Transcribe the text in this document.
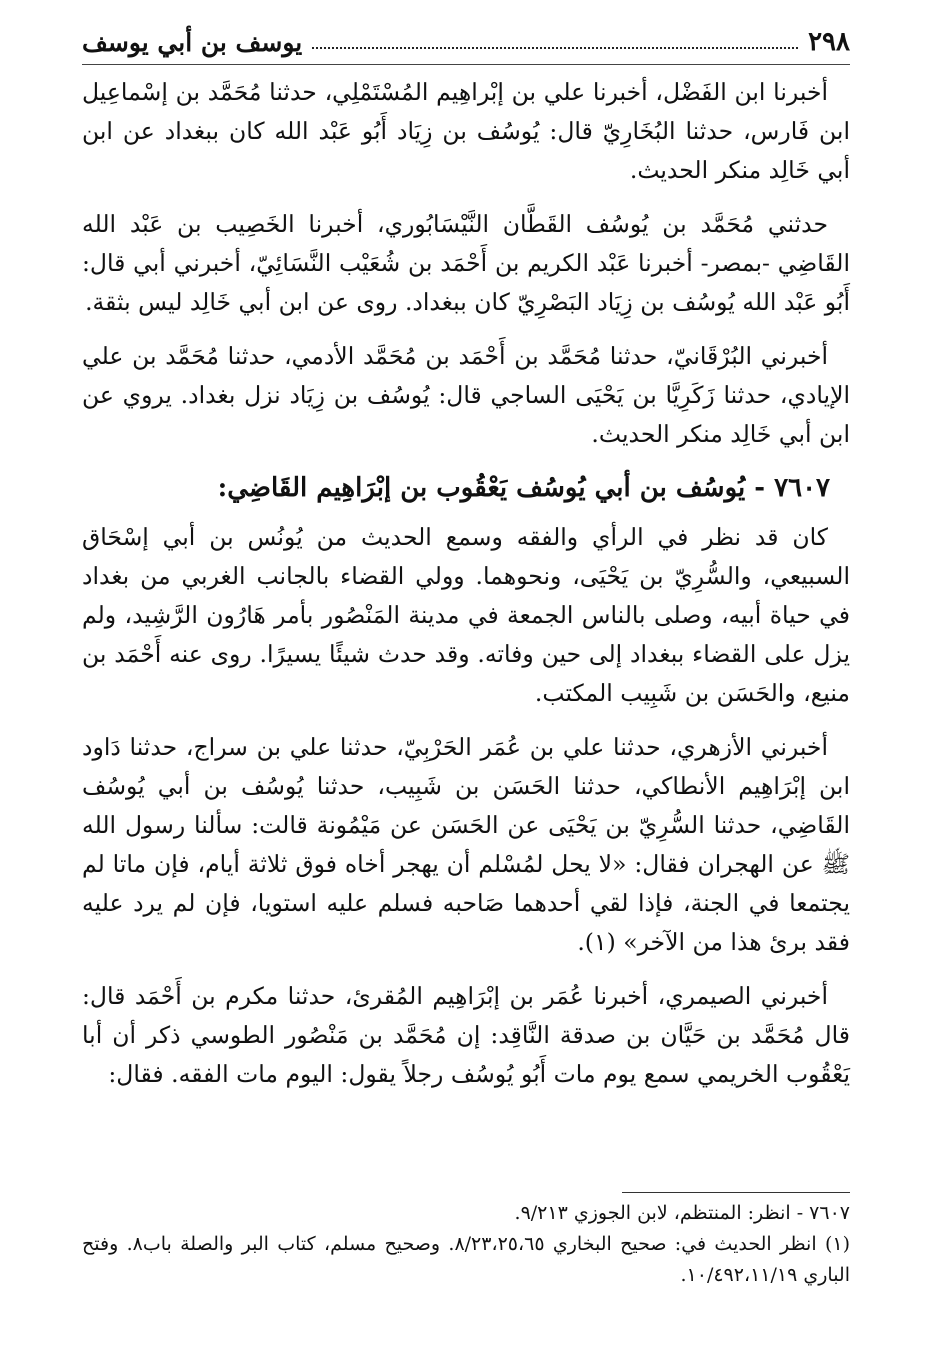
٢٩٨
يوسف بن أبي يوسف

أخبرنا ابن الفَضْل، أخبرنا علي بن إبْراهِيم المُسْتَمْلِي، حدثنا مُحَمَّد بن إسْماعِيل ابن فَارس، حدثنا البُخَارِيّ قال: يُوسُف بن زِيَاد أَبُو عَبْد الله كان ببغداد عن ابن أبي خَالِد منكر الحديث.

حدثني مُحَمَّد بن يُوسُف القَطَّان النَّيْسَابُوري، أخبرنا الخَصِيب بن عَبْد الله القَاضِي -بمصر- أخبرنا عَبْد الكريم بن أَحْمَد بن شُعَيْب النَّسَائِيّ، أخبرني أبي قال: أَبُو عَبْد الله يُوسُف بن زِيَاد البَصْرِيّ كان ببغداد. روى عن ابن أبي خَالِد ليس بثقة.

أخبرني البُرْقَانيّ، حدثنا مُحَمَّد بن أَحْمَد بن مُحَمَّد الأدمي، حدثنا مُحَمَّد بن علي الإيادي، حدثنا زَكَرِيَّا بن يَحْيَى الساجي قال: يُوسُف بن زِيَاد نزل بغداد. يروي عن ابن أبي خَالِد منكر الحديث.

٧٦٠٧ - يُوسُف بن أبي يُوسُف يَعْقُوب بن إبْرَاهِيم القَاضِي:

كان قد نظر في الرأي والفقه وسمع الحديث من يُونُس بن أبي إسْحَاق السبيعي، والسُّرِيّ بن يَحْيَى، ونحوهما. وولي القضاء بالجانب الغربي من بغداد في حياة أبيه، وصلى بالناس الجمعة في مدينة المَنْصُور بأمر هَارُون الرَّشِيد، ولم يزل على القضاء ببغداد إلى حين وفاته. وقد حدث شيئًا يسيرًا. روى عنه أَحْمَد بن منيع، والحَسَن بن شَبِيب المكتب.

أخبرني الأزهري، حدثنا علي بن عُمَر الحَرْبِيّ، حدثنا علي بن سراج، حدثنا دَاود ابن إبْرَاهِيم الأنطاكي، حدثنا الحَسَن بن شَبِيب، حدثنا يُوسُف بن أبي يُوسُف القَاضِي، حدثنا السُّرِيّ بن يَحْيَى عن الحَسَن عن مَيْمُونة قالت: سألنا رسول الله ﷺ عن الهجران فقال: «لا يحل لمُسْلم أن يهجر أخاه فوق ثلاثة أيام، فإن ماتا لم يجتمعا في الجنة، فإذا لقي أحدهما صَاحبه فسلم عليه استويا، فإن لم يرد عليه فقد برئ هذا من الآخر» (١).

أخبرني الصيمري، أخبرنا عُمَر بن إبْرَاهِيم المُقرئ، حدثنا مكرم بن أَحْمَد قال: قال مُحَمَّد بن حَيَّان بن صدقة النَّاقِد: إن مُحَمَّد بن مَنْصُور الطوسي ذكر أن أبا يَعْقُوب الخريمي سمع يوم مات أَبُو يُوسُف رجلاً يقول: اليوم مات الفقه. فقال:

٧٦٠٧ - انظر: المنتظم، لابن الجوزي ٩/٢١٣.

(١) انظر الحديث في: صحيح البخاري ٨/٢٣،٢٥،٦٥. وصحيح مسلم، كتاب البر والصلة باب٨. وفتح الباري ١٠/٤٩٢،١١/١٩.
